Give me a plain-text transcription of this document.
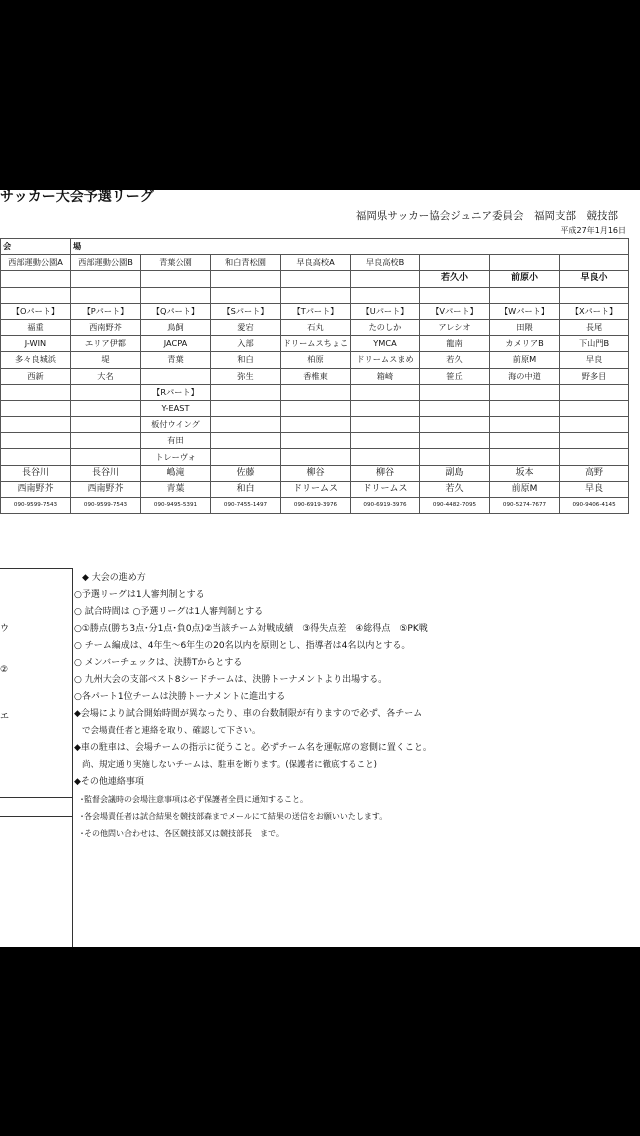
サッカー大会予選リーグ
福岡県サッカー協会ジュニア委員会　福岡支部　競技部
平成27年1月16日
会	場							
西部運動公園A	西部運動公園B	青葉公園	和白青松園	早良高校A	早良高校B			
						若久小	前原小	早良小

【Oパート】	【Pパート】	【Qパート】	【Sパート】	【Tパート】	【Uパート】	【Vパート】	【Wパート】	【Xパート】
福重	西南野芥	鳥飼	愛宕	石丸	たのしか	アレシオ	田隈	長尾
J-WIN	エリア伊都	JACPA	入部	ドリームスちょこ	YMCA	龍南	カメリアB	下山門B
多々良城浜	堤	青葉	和白	柏原	ドリームスまめ	若久	前原M	早良
西新	大名		弥生	香椎東	箱崎	笹丘	海の中道	野多目
		【Rパート】						
		Y-EAST						
		板付ウイング						
		有田						
		トレーヴォ						
長谷川	長谷川	嶋滝	佐藤	柳谷	柳谷	副島	坂本	高野
西南野芥	西南野芥	青葉	和白	ドリームス	ドリームス	若久	前原M	早良
090-9599-7543	090-9599-7543	090-9495-5391	090-7455-1497	090-6919-3976	090-6919-3976	090-4482-7095	090-5274-7677	090-9406-4145
ウ
②
エ
◆ 大会の進め方
○予選リーグは1人審判制とする
○ 試合時間は ○予選リーグは1人審判制とする
○①勝点(勝ち3点･分1点･負0点)②当該チーム対戦成績　③得失点差　④総得点　⑤PK戦
○ チーム編成は、4年生～6年生の20名以内を原則とし、指導者は4名以内とする。
○ メンバーチェックは、決勝Tからとする
○ 九州大会の支部ベスト8シードチームは、決勝トーナメントより出場する。
○各パート1位チームは決勝トーナメントに進出する
◆会場により試合開始時間が異なったり、車の台数制限が有りますので必ず、各チーム
で会場責任者と連絡を取り、確認して下さい。
◆車の駐車は、会場チームの指示に従うこと。必ずチーム名を運転席の窓側に置くこと。
尚、規定通り実施しないチームは、駐車を断ります。(保護者に徹底すること)
◆その他連絡事項
･監督会議時の会場注意事項は必ず保護者全員に通知すること。
･各会場責任者は試合結果を競技部森までメールにて結果の送信をお願いいたします。
･その他問い合わせは、各区競技部又は競技部長　まで。
